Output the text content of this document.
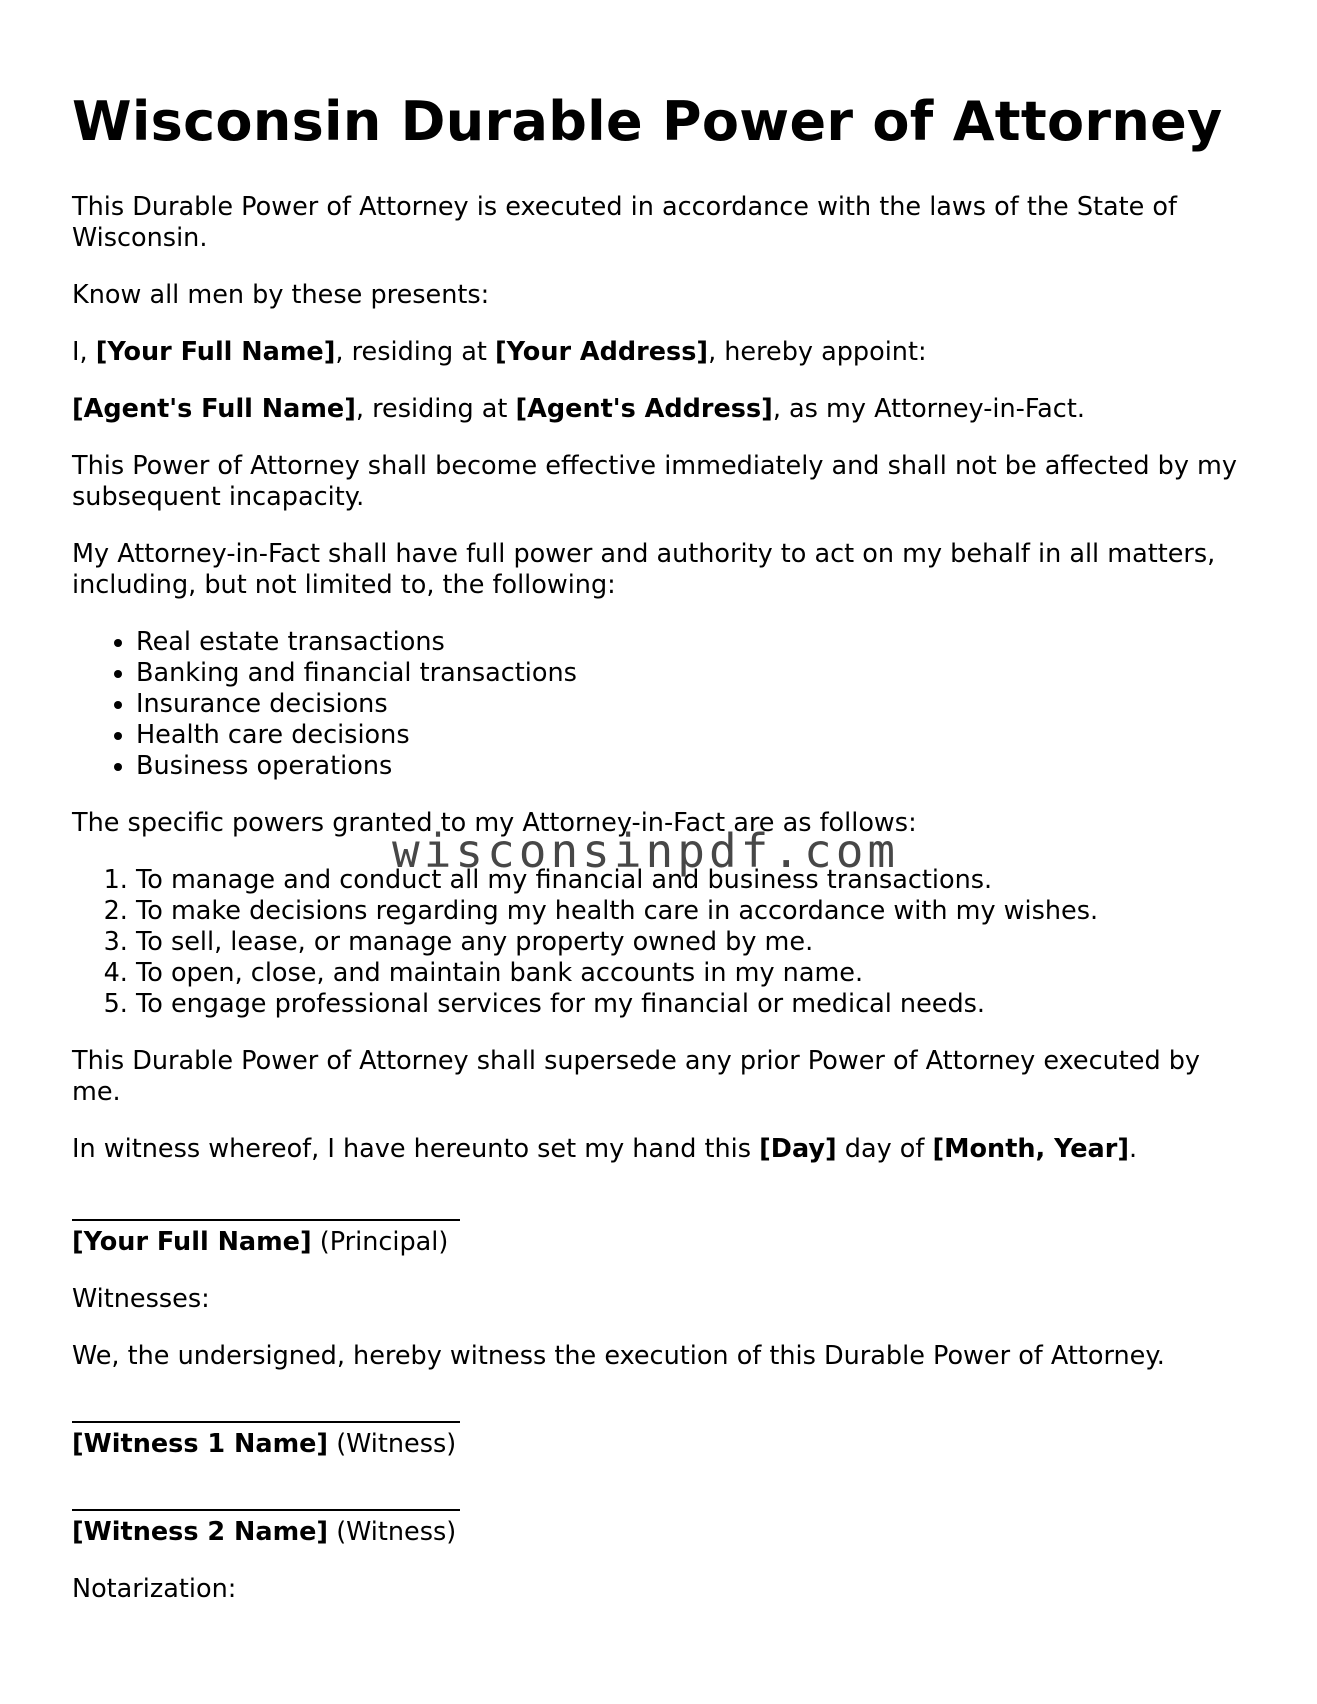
Wisconsin Durable Power of Attorney

This Durable Power of Attorney is executed in accordance with the laws of the State of Wisconsin.

Know all men by these presents:

I, [Your Full Name], residing at [Your Address], hereby appoint:

[Agent's Full Name], residing at [Agent's Address], as my Attorney-in-Fact.

This Power of Attorney shall become effective immediately and shall not be affected by my subsequent incapacity.

My Attorney-in-Fact shall have full power and authority to act on my behalf in all matters, including, but not limited to, the following:

• Real estate transactions
• Banking and financial transactions
• Insurance decisions
• Health care decisions
• Business operations

The specific powers granted to my Attorney-in-Fact are as follows:

1. To manage and conduct all my financial and business transactions.
2. To make decisions regarding my health care in accordance with my wishes.
3. To sell, lease, or manage any property owned by me.
4. To open, close, and maintain bank accounts in my name.
5. To engage professional services for my financial or medical needs.

This Durable Power of Attorney shall supersede any prior Power of Attorney executed by me.

In witness whereof, I have hereunto set my hand this [Day] day of [Month, Year].

[Your Full Name] (Principal)

Witnesses:

We, the undersigned, hereby witness the execution of this Durable Power of Attorney.

[Witness 1 Name] (Witness)

[Witness 2 Name] (Witness)

Notarization:

wisconsinpdf.com
